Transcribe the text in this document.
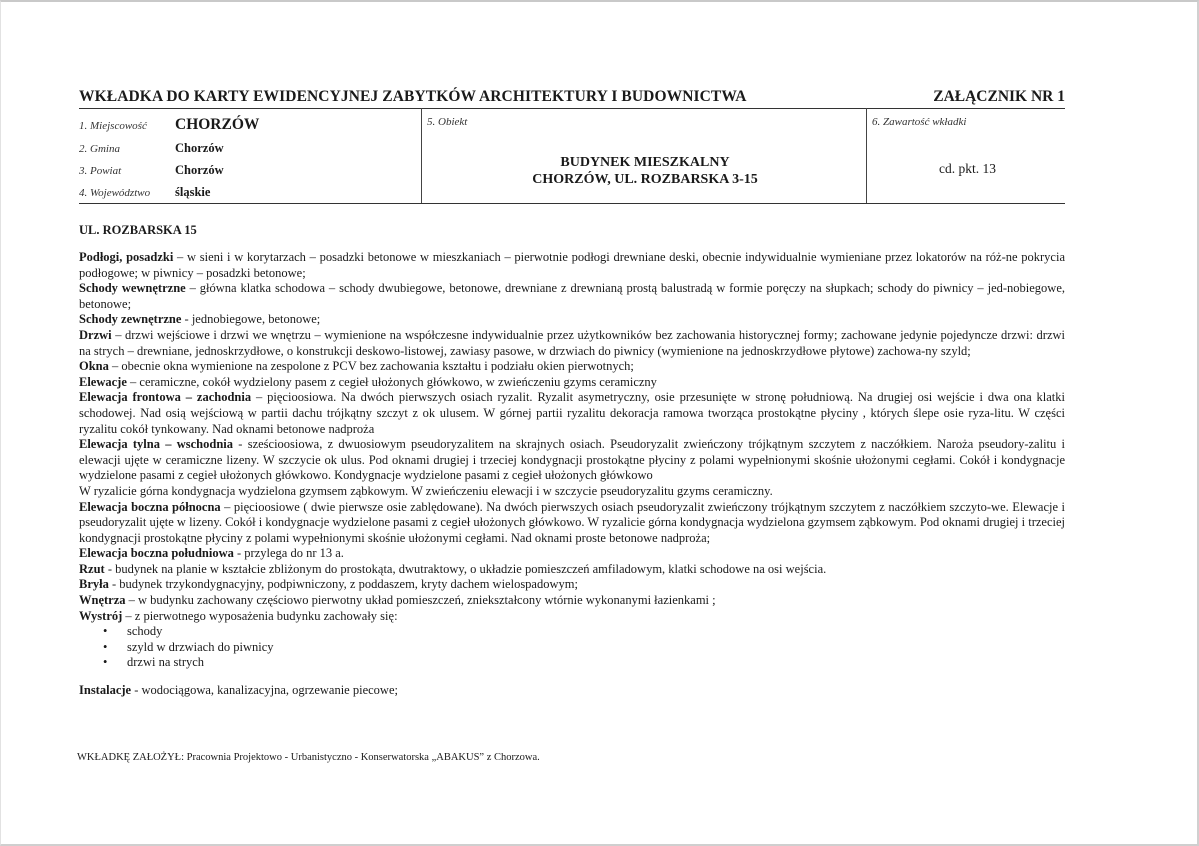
WKŁADKA DO KARTY EWIDENCYJNEJ ZABYTKÓW ARCHITEKTURY I BUDOWNICTWA	ZAŁĄCZNIK NR 1
1. Miejscowość	CHORZÓW
2. Gmina	Chorzów
3. Powiat	Chorzów
4. Województwo	śląskie
5. Obiekt
BUDYNEK MIESZKALNY
CHORZÓW, UL. ROZBARSKA 3-15
6. Zawartość wkładki
cd. pkt. 13
UL. ROZBARSKA 15

Podłogi, posadzki – w sieni i w korytarzach – posadzki betonowe w mieszkaniach – pierwotnie podłogi drewniane deski, obecnie indywidualnie wymieniane przez lokatorów na róż-ne pokrycia podłogowe; w piwnicy – posadzki betonowe;

Schody wewnętrzne – główna klatka schodowa – schody dwubiegowe, betonowe, drewniane z drewnianą prostą balustradą w formie poręczy na słupkach; schody do piwnicy – jed-nobiegowe, betonowe;

Schody zewnętrzne - jednobiegowe, betonowe;

Drzwi – drzwi wejściowe i drzwi we wnętrzu – wymienione na współczesne indywidualnie przez użytkowników bez zachowania historycznej formy; zachowane jedynie pojedyncze drzwi: drzwi na strych – drewniane, jednoskrzydłowe, o konstrukcji deskowo-listowej, zawiasy pasowe, w drzwiach do piwnicy (wymienione na jednoskrzydłowe płytowe) zachowa-ny szyld;

Okna – obecnie okna wymienione na zespolone z PCV bez zachowania kształtu i podziału okien pierwotnych;

Elewacje – ceramiczne, cokół wydzielony pasem z cegieł ułożonych główkowo, w zwieńczeniu gzyms ceramiczny

Elewacja frontowa – zachodnia – pięcioosiowa. Na dwóch pierwszych osiach ryzalit. Ryzalit asymetryczny, osie przesunięte w stronę południową. Na drugiej osi wejście i dwa ona klatki schodowej. Nad osią wejściową w partii dachu trójkątny szczyt z ok ulusem. W górnej partii ryzalitu dekoracja ramowa tworząca prostokątne płyciny , których ślepe osie ryza-litu. W części ryzalitu cokół tynkowany. Nad oknami betonowe nadproża

Elewacja tylna – wschodnia - sześcioosiowa, z dwuosiowym pseudoryzalitem na skrajnych osiach. Pseudoryzalit zwieńczony trójkątnym szczytem z naczółkiem. Naroża pseudory-zalitu i elewacji ujęte w ceramiczne lizeny. W szczycie ok ulus. Pod oknami drugiej i trzeciej kondygnacji prostokątne płyciny z polami wypełnionymi skośnie ułożonymi cegłami. Cokół i kondygnacje wydzielone pasami z cegieł ułożonych główkowo. Kondygnacje wydzielone pasami z cegieł ułożonych główkowo

W ryzalicie górna kondygnacja wydzielona gzymsem ząbkowym. W zwieńczeniu elewacji i w szczycie pseudoryzalitu gzyms ceramiczny.

Elewacja boczna północna – pięcioosiowe ( dwie pierwsze osie zablędowane). Na dwóch pierwszych osiach pseudoryzalit zwieńczony trójkątnym szczytem z naczółkiem szczyto-we. Elewacje i pseudoryzalit ujęte w lizeny. Cokół i kondygnacje wydzielone pasami z cegieł ułożonych główkowo. W ryzalicie górna kondygnacja wydzielona gzymsem ząbkowym. Pod oknami drugiej i trzeciej kondygnacji prostokątne płyciny z polami wypełnionymi skośnie ułożonymi cegłami. Nad oknami proste betonowe nadproża;

Elewacja boczna południowa - przylega do nr 13 a.

Rzut - budynek na planie w kształcie zbliżonym do prostokąta, dwutraktowy, o układzie pomieszczeń amfiladowym, klatki schodowe na osi wejścia.

Bryła - budynek trzykondygnacyjny, podpiwniczony, z poddaszem, kryty dachem wielospadowym;

Wnętrza – w budynku zachowany częściowo pierwotny układ pomieszczeń, zniekształcony wtórnie wykonanymi łazienkami ;

Wystrój – z pierwotnego wyposażenia budynku zachowały się:

• schody
• szyld w drzwiach do piwnicy
• drzwi na strych
Instalacje - wodociągowa, kanalizacyjna, ogrzewanie piecowe;
WKŁADKĘ ZAŁOŻYŁ: Pracownia Projektowo - Urbanistyczno - Konserwatorska „ABAKUS” z Chorzowa.
